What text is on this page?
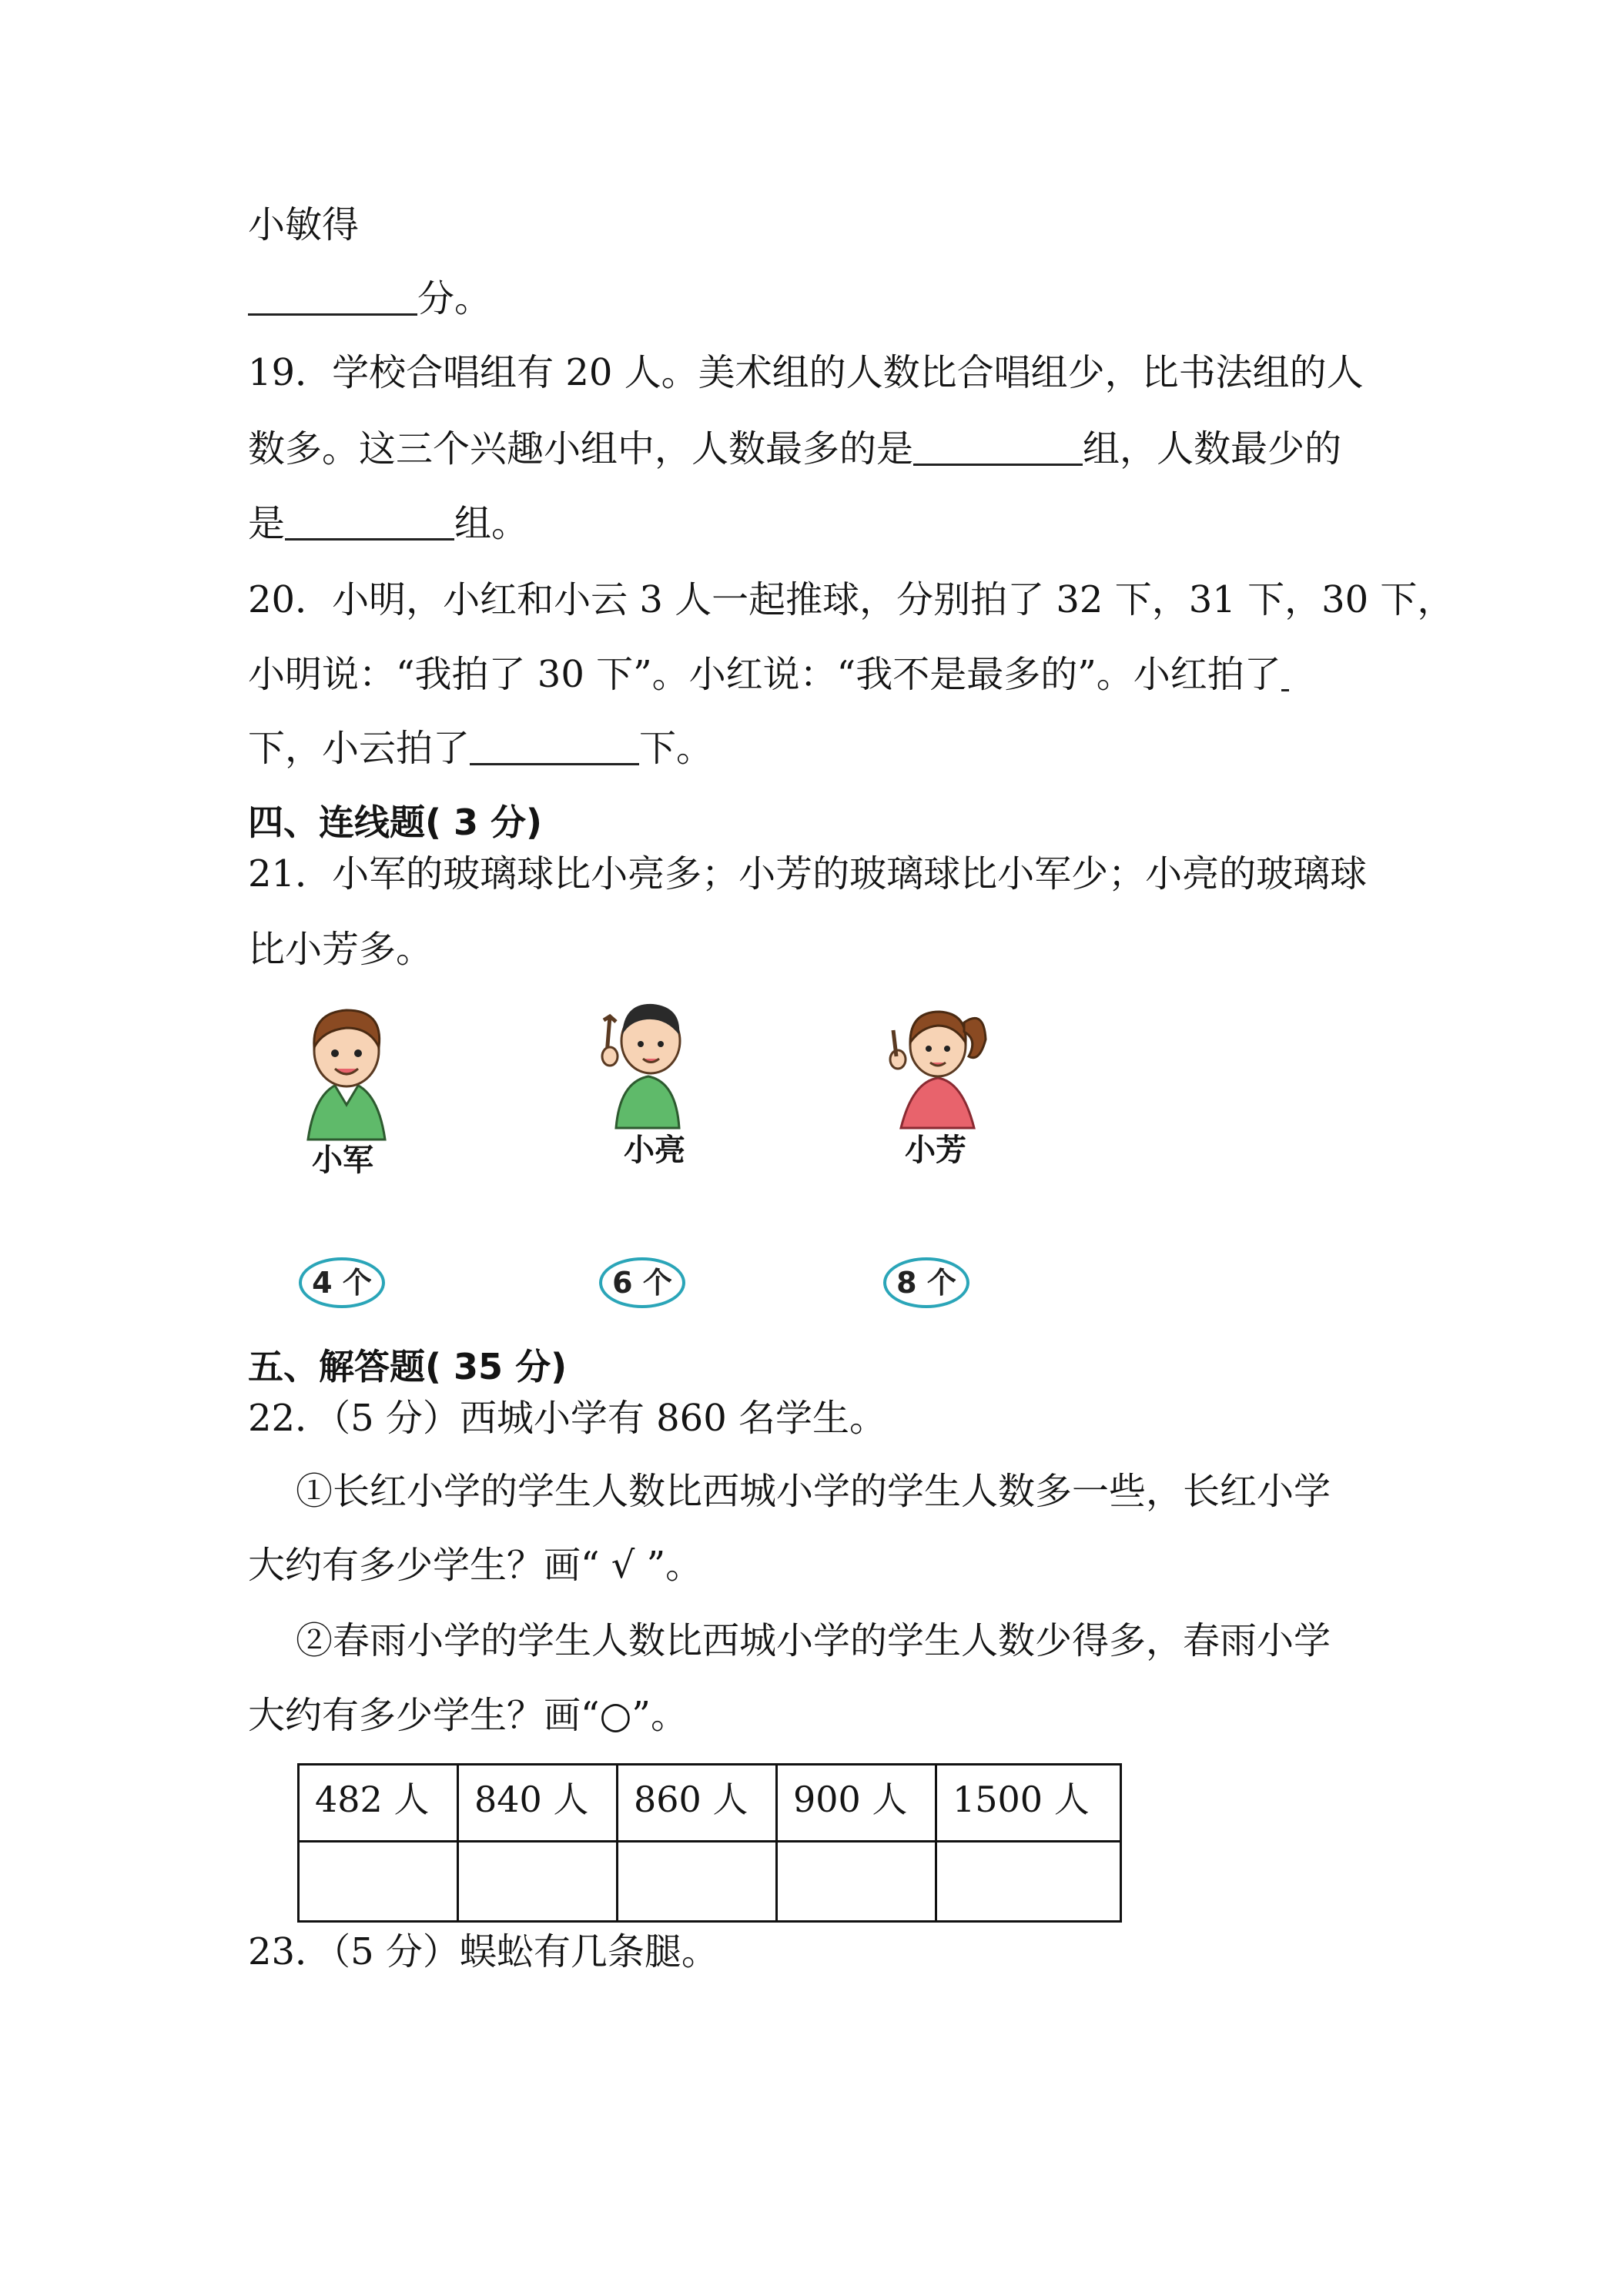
小敏得
分。
19．学校合唱组有 20 人。美术组的人数比合唱组少，比书法组的人
数多。这三个兴趣小组中，人数最多的是	组，人数最少的
是	组。
20．小明，小红和小云 3 人一起推球，分别拍了 32 下，31 下，30 下，
小明说：“我拍了 30 下”。小红说：“我不是最多的”。小红拍了
下，小云拍了	下。
四、连线题( 3 分)
21．小军的玻璃球比小亮多；小芳的玻璃球比小军少；小亮的玻璃球
比小芳多。
小军	小亮	小芳
4 个	6 个	8 个
五、解答题( 35 分)
22．（5 分）西城小学有 860 名学生。
①长红小学的学生人数比西城小学的学生人数多一些，长红小学
大约有多少学生？画“ √ ”。
②春雨小学的学生人数比西城小学的学生人数少得多，春雨小学
大约有多少学生？画“○”。
482 人	840 人	860 人	900 人	1500 人

23．（5 分）蜈蚣有几条腿。
